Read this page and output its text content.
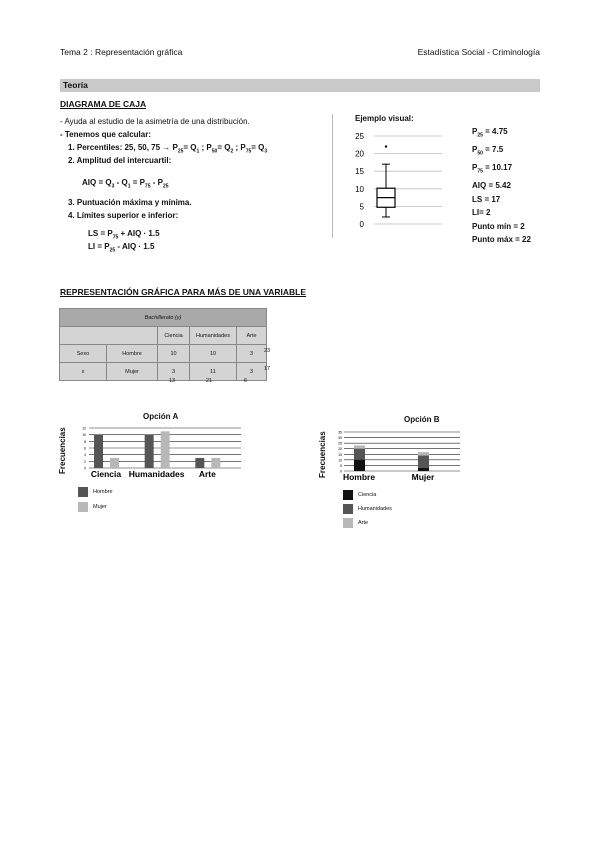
Tema 2 : Representación gráfica	Estadística Social - Criminología
Teoría
DIAGRAMA DE CAJA
- Ayuda al estudio de la asimetría de una distribución.
- Tenemos que calcular:
1. Percentiles: 25, 50, $75 \to P_{25}= Q_1$ ; $P_{50}= Q_2$ ; $P_{75}= Q_3$
2. Amplitud del intercuartil:
AIQ = $Q_3 - Q_1 = P_{75} - P_{25}$
3. Puntuación máxima y mínima.
4. Límites superior e inferior:
LS = $P_{75}$ + AIQ · 1.5
LI = $P_{25}$ - AIQ · 1.5
Ejemplo visual:
0
5
10
15
20
25
$P_{25} = 4.75$
$P_{50} = 7.5$
$P_{75} = 10.17$
AIQ = 5.42
LS = 17
LI= 2
Punto mín = 2
Punto máx = 22
REPRESENTACIÓN GRÁFICA PARA MÁS DE UNA VARIABLE
Bachillerato (y)				
		Ciencia	Humanidades	Arte
Sexo	Hombre	10	10	3
x	Mujer	3	11	3
23
17
13	21	6
Opción A
Frecuencias	0
2
4
6
8
10
12
Ciencia Humanidades Arte
Hombre
Mujer
Opción B
Frecuencias	0
5
10
15
20
25
30
35
Hombre	Mujer
Ciencia
Humanidades
Arte
